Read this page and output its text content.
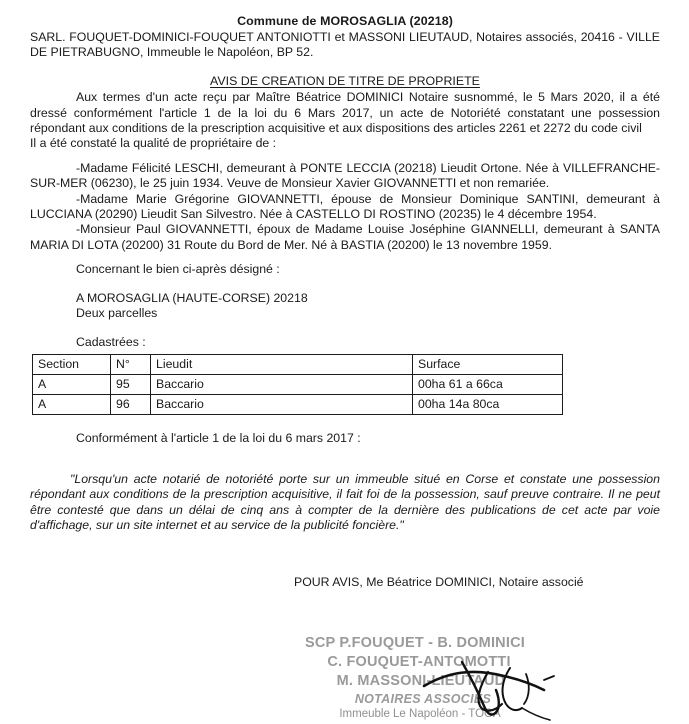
Commune de MOROSAGLIA (20218)

SARL. FOUQUET-DOMINICI-FOUQUET ANTONIOTTI et MASSONI LIEUTAUD, Notaires associés, 20416 - VILLE DE PIETRABUGNO, Immeuble le Napoléon, BP 52.

AVIS DE CREATION DE TITRE DE PROPRIETE

Aux termes d'un acte reçu par Maître Béatrice DOMINICI Notaire susnommé, le 5 Mars 2020, il a été dressé conformément l'article 1 de la loi du 6 Mars 2017, un acte de Notoriété constatant une possession répondant aux conditions de la prescription acquisitive et aux dispositions des articles 2261 et 2272 du code civil

Il a été constaté la qualité de propriétaire de :

-Madame Félicité LESCHI, demeurant à PONTE LECCIA (20218) Lieudit Ortone. Née à VILLEFRANCHE-SUR-MER (06230), le 25 juin 1934. Veuve de Monsieur Xavier GIOVANNETTI et non remariée.

-Madame Marie Grégorine GIOVANNETTI, épouse de Monsieur Dominique SANTINI, demeurant à LUCCIANA (20290) Lieudit San Silvestro. Née à CASTELLO DI ROSTINO (20235) le 4 décembre 1954.

-Monsieur Paul GIOVANNETTI, époux de Madame Louise Joséphine GIANNELLI, demeurant à SANTA MARIA DI LOTA (20200) 31 Route du Bord de Mer. Né à BASTIA (20200) le 13 novembre 1959.

Concernant le bien ci-après désigné :

A MOROSAGLIA (HAUTE-CORSE) 20218

Deux parcelles

Cadastrées :

Section	N°	Lieudit	Surface
A	95	Baccario	00ha 61 a 66ca
A	96	Baccario	00ha 14a 80ca

Conformément à l'article 1 de la loi du 6 mars 2017 :

"Lorsqu'un acte notarié de notoriété porte sur un immeuble situé en Corse et constate une possession répondant aux conditions de la prescription acquisitive, il fait foi de la possession, sauf preuve contraire. Il ne peut être contesté que dans un délai de cinq ans à compter de la dernière des publications de cet acte par voie d'affichage, sur un site internet et au service de la publicité foncière."

POUR AVIS, Me Béatrice DOMINICI, Notaire associé

SCP P.FOUQUET - B. DOMINICI
C. FOUQUET-ANTOMOTTI
M. MASSONI-LIEUTAUD
NOTAIRES ASSOCIÉS
Immeuble Le Napoléon - TOGA
